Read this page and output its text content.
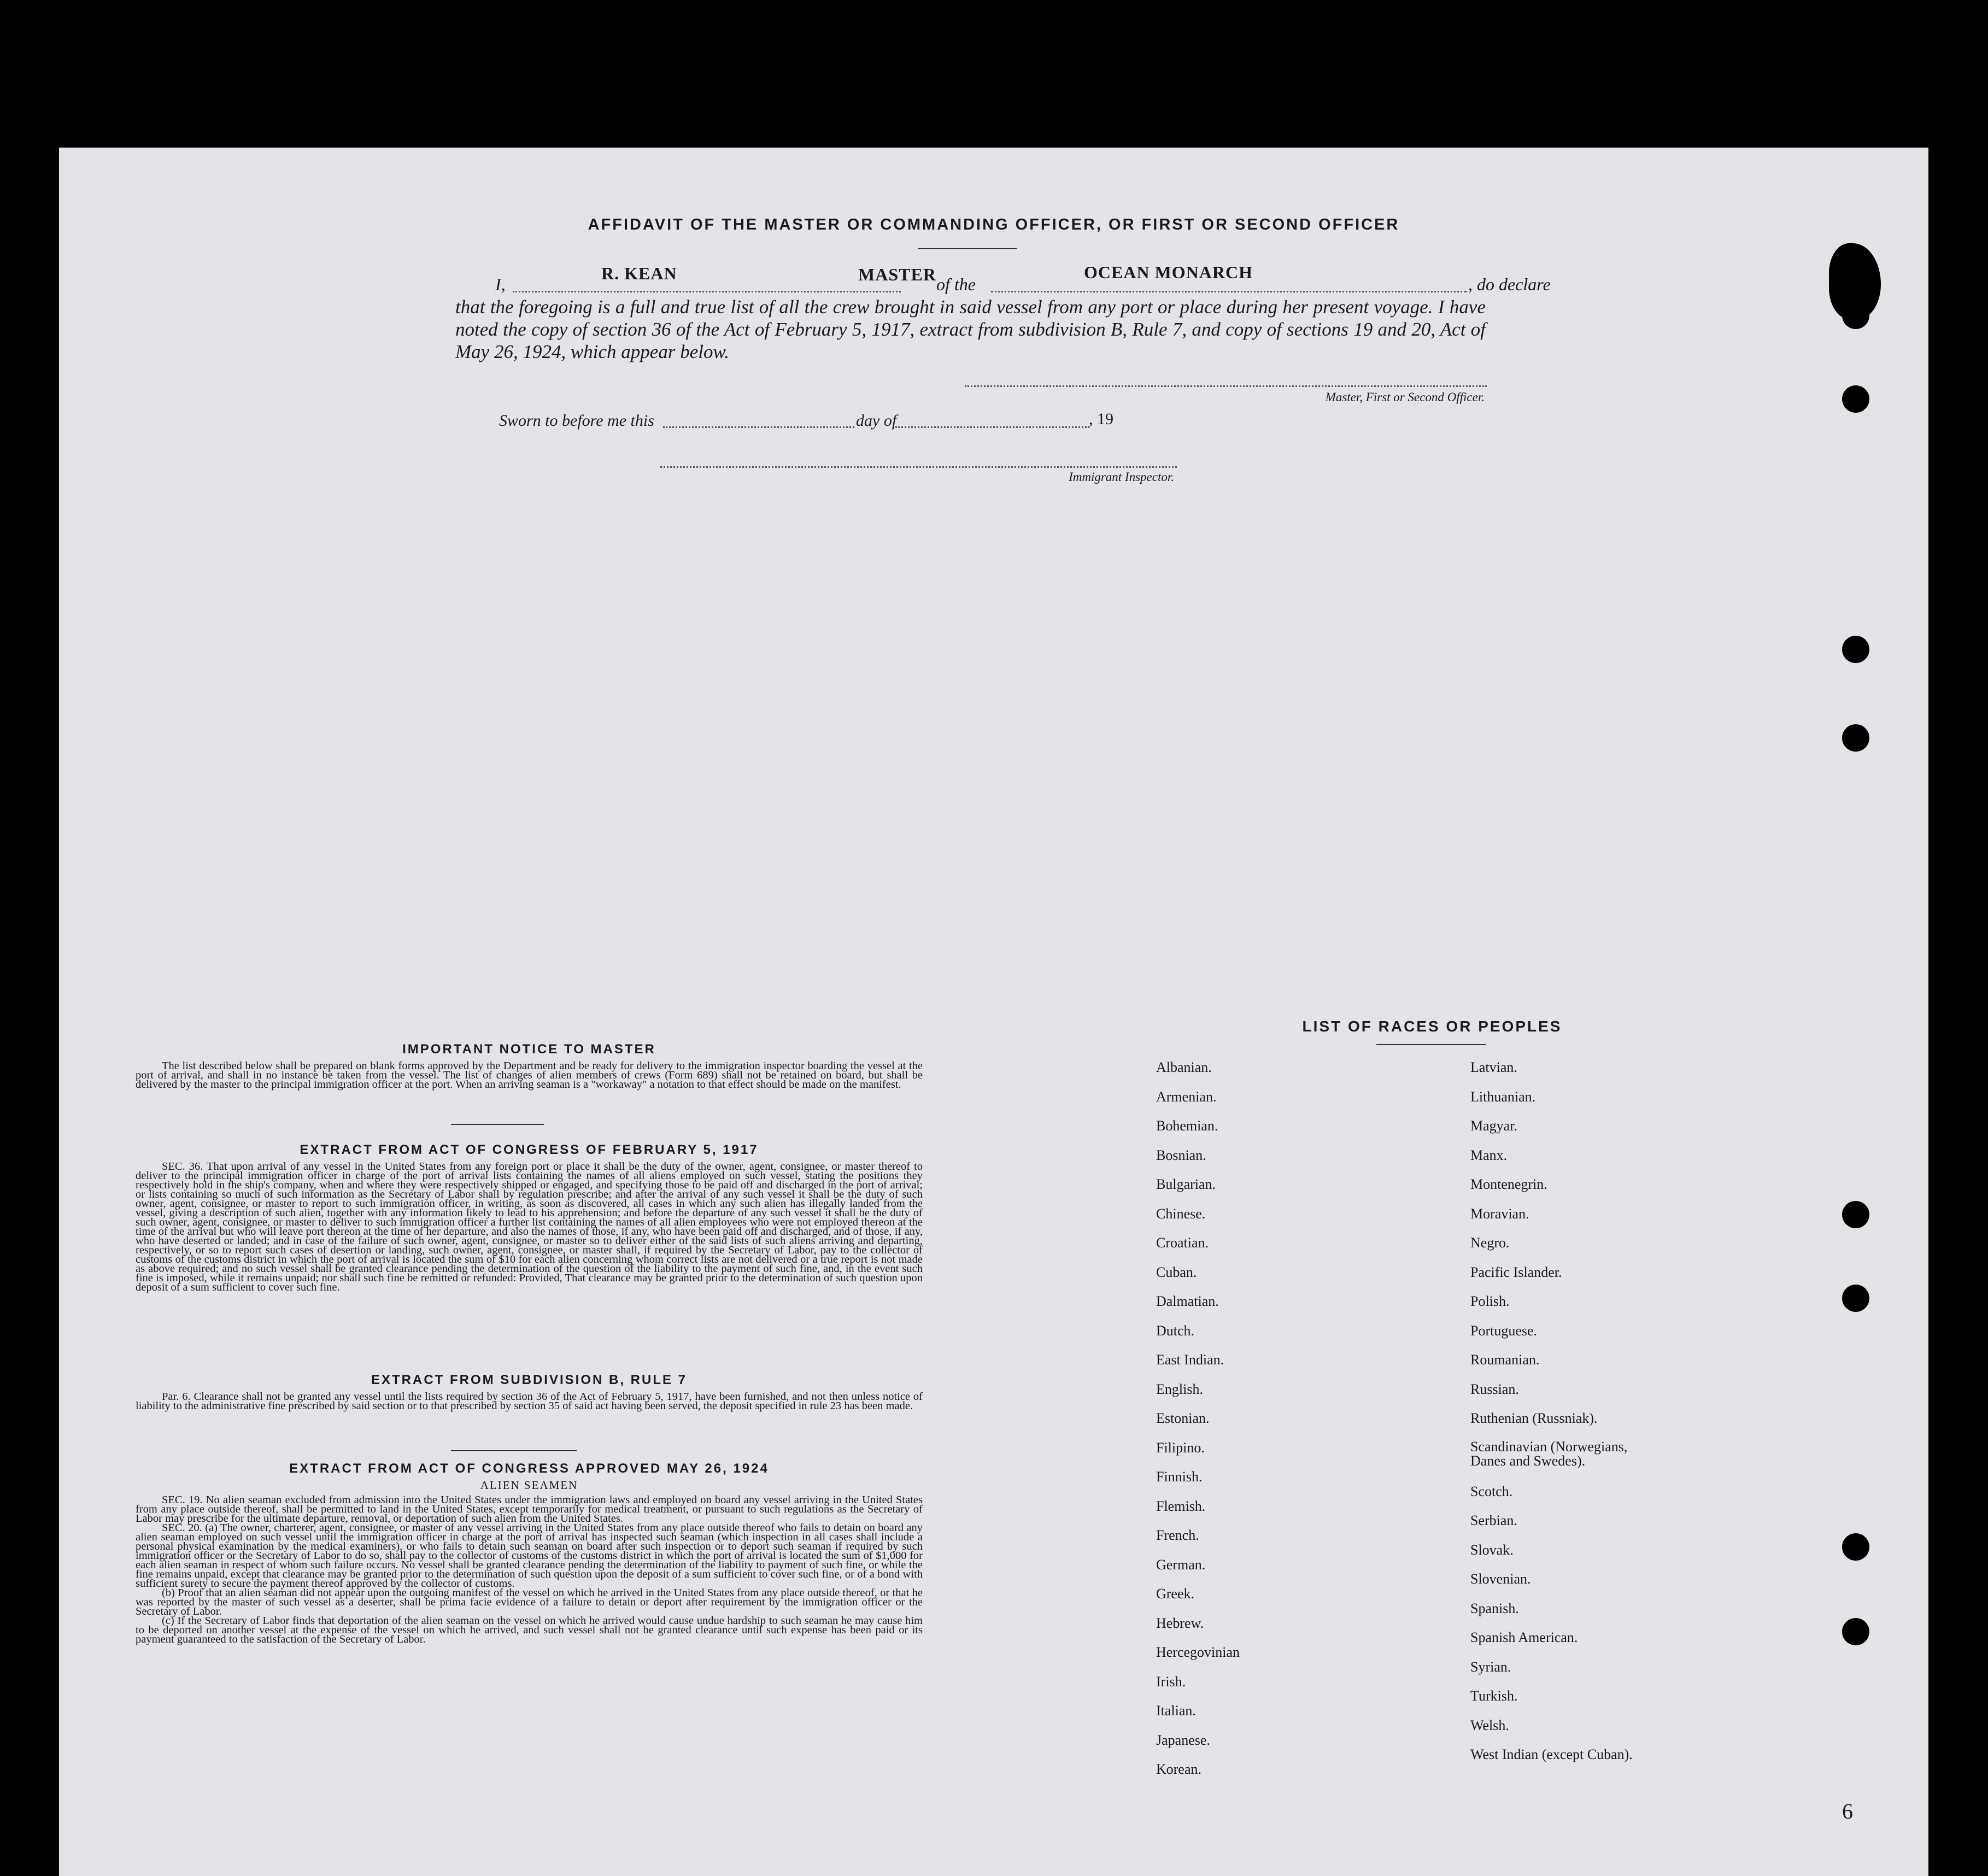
AFFIDAVIT OF THE MASTER OR COMMANDING OFFICER, OR FIRST OR SECOND OFFICER
I,
R. KEAN	MASTER of the
OCEAN MONARCH
, do declare
that the foregoing is a full and true list of all the crew brought in said vessel from any port or place during her present voyage. I have noted the copy of section 36 of the Act of February 5, 1917, extract from subdivision B, Rule 7, and copy of sections 19 and 20, Act of May 26, 1924, which appear below.
Master, First or Second Officer.
Sworn to before me this	day of	, 19
Immigrant Inspector.
IMPORTANT NOTICE TO MASTER
The list described below shall be prepared on blank forms approved by the Department and be ready for delivery to the immigration inspector boarding the vessel at the port of arrival, and shall in no instance be taken from the vessel. The list of changes of alien members of crews (Form 689) shall not be retained on board, but shall be delivered by the master to the principal immigration officer at the port. When an arriving seaman is a "workaway" a notation to that effect should be made on the manifest.
EXTRACT FROM ACT OF CONGRESS OF FEBRUARY 5, 1917
SEC. 36. That upon arrival of any vessel in the United States from any foreign port or place it shall be the duty of the owner, agent, consignee, or master thereof to deliver to the principal immigration officer in charge of the port of arrival lists containing the names of all aliens employed on such vessel, stating the positions they respectively hold in the ship's company, when and where they were respectively shipped or engaged, and specifying those to be paid off and discharged in the port of arrival; or lists containing so much of such information as the Secretary of Labor shall by regulation prescribe; and after the arrival of any such vessel it shall be the duty of such owner, agent, consignee, or master to report to such immigration officer, in writing, as soon as discovered, all cases in which any such alien has illegally landed from the vessel, giving a description of such alien, together with any information likely to lead to his apprehension; and before the departure of any such vessel it shall be the duty of such owner, agent, consignee, or master to deliver to such immigration officer a further list containing the names of all alien employees who were not employed thereon at the time of the arrival but who will leave port thereon at the time of her departure, and also the names of those, if any, who have been paid off and discharged, and of those, if any, who have deserted or landed; and in case of the failure of such owner, agent, consignee, or master so to deliver either of the said lists of such aliens arriving and departing, respectively, or so to report such cases of desertion or landing, such owner, agent, consignee, or master shall, if required by the Secretary of Labor, pay to the collector of customs of the customs district in which the port of arrival is located the sum of $10 for each alien concerning whom correct lists are not delivered or a true report is not made as above required; and no such vessel shall be granted clearance pending the determination of the question of the liability to the payment of such fine, and, in the event such fine is imposed, while it remains unpaid; nor shall such fine be remitted or refunded: Provided, That clearance may be granted prior to the determination of such question upon deposit of a sum sufficient to cover such fine.
EXTRACT FROM SUBDIVISION B, RULE 7
Par. 6. Clearance shall not be granted any vessel until the lists required by section 36 of the Act of February 5, 1917, have been furnished, and not then unless notice of liability to the administrative fine prescribed by said section or to that prescribed by section 35 of said act having been served, the deposit specified in rule 23 has been made.
EXTRACT FROM ACT OF CONGRESS APPROVED MAY 26, 1924
ALIEN SEAMEN
SEC. 19. No alien seaman excluded from admission into the United States under the immigration laws and employed on board any vessel arriving in the United States from any place outside thereof, shall be permitted to land in the United States, except temporarily for medical treatment, or pursuant to such regulations as the Secretary of Labor may prescribe for the ultimate departure, removal, or deportation of such alien from the United States.
SEC. 20. (a) The owner, charterer, agent, consignee, or master of any vessel arriving in the United States from any place outside thereof who fails to detain on board any alien seaman employed on such vessel until the immigration officer in charge at the port of arrival has inspected such seaman (which inspection in all cases shall include a personal physical examination by the medical examiners), or who fails to detain such seaman on board after such inspection or to deport such seaman if required by such immigration officer or the Secretary of Labor to do so, shall pay to the collector of customs of the customs district in which the port of arrival is located the sum of $1,000 for each alien seaman in respect of whom such failure occurs. No vessel shall be granted clearance pending the determination of the liability to payment of such fine, or while the fine remains unpaid, except that clearance may be granted prior to the determination of such question upon the deposit of a sum sufficient to cover such fine, or of a bond with sufficient surety to secure the payment thereof approved by the collector of customs.
(b) Proof that an alien seaman did not appear upon the outgoing manifest of the vessel on which he arrived in the United States from any place outside thereof, or that he was reported by the master of such vessel as a deserter, shall be prima facie evidence of a failure to detain or deport after requirement by the immigration officer or the Secretary of Labor.
(c) If the Secretary of Labor finds that deportation of the alien seaman on the vessel on which he arrived would cause undue hardship to such seaman he may cause him to be deported on another vessel at the expense of the vessel on which he arrived, and such vessel shall not be granted clearance until such expense has been paid or its payment guaranteed to the satisfaction of the Secretary of Labor.
LIST OF RACES OR PEOPLES
Albanian.
Armenian.
Bohemian.
Bosnian.
Bulgarian.
Chinese.
Croatian.
Cuban.
Dalmatian.
Dutch.
East Indian.
English.
Estonian.
Filipino.
Finnish.
Flemish.
French.
German.
Greek.
Hebrew.
Hercegovinian
Irish.
Italian.
Japanese.
Korean.
Latvian.
Lithuanian.
Magyar.
Manx.
Montenegrin.
Moravian.
Negro.
Pacific Islander.
Polish.
Portuguese.
Roumanian.
Russian.
Ruthenian (Russniak).
Scandinavian (Norwegians, Danes and Swedes).
Scotch.
Serbian.
Slovak.
Slovenian.
Spanish.
Spanish American.
Syrian.
Turkish.
Welsh.
West Indian (except Cuban).
6
